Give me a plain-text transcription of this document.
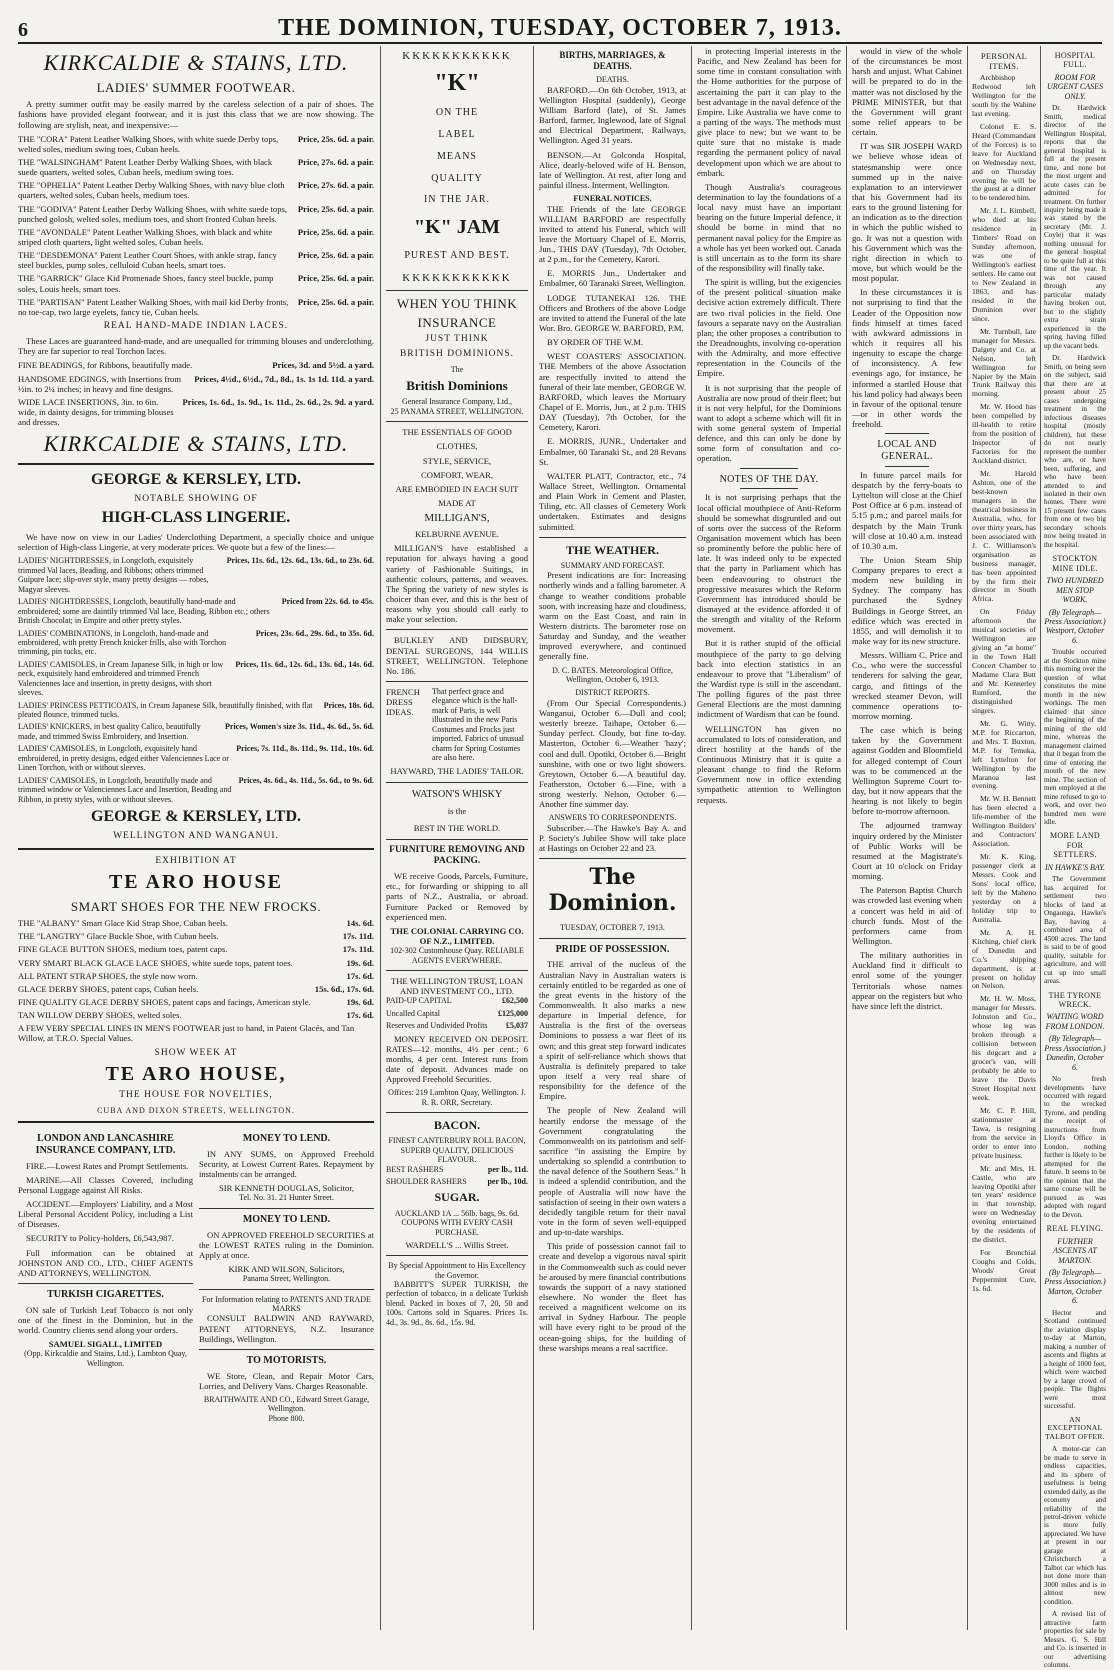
6	THE DOMINION, TUESDAY, OCTOBER 7, 1913.
KIRKCALDIE & STAINS, LTD.
LADIES' SUMMER FOOTWEAR.

A pretty summer outfit may be easily marred by the careless selection of a pair of shoes. The fashions have provided elegant footwear, and it is just this class that we are now showing. The following are stylish, neat, and inexpensive:—

THE "CORA" Patent Leather Walking Shoes, with white suede Derby tops, welted soles, medium swing toes, Cuban heels.
Price, 25s. 6d. a pair.
THE "WALSINGHAM" Patent Leather Derby Walking Shoes, with black suede quarters, welted soles, Cuban heels, medium swing toes.
Price, 27s. 6d. a pair.
THE "OPHELIA" Patent Leather Derby Walking Shoes, with navy blue cloth quarters, welted soles, Cuban heels, medium toes.
Price, 27s. 6d. a pair.
THE "GODIVA" Patent Leather Derby Walking Shoes, with white suede tops, punched golosh, welted soles, medium toes, and short fronted Cuban heels.
Price, 25s. 6d. a pair.
THE "AVONDALE" Patent Leather Walking Shoes, with black and white striped cloth quarters, light welted soles, Cuban heels.
Price, 25s. 6d. a pair.
THE "DESDEMONA" Patent Leather Court Shoes, with ankle strap, fancy steel buckles, pump soles, celluloid Cuban heels, smart toes.
Price, 25s. 6d. a pair.
THE "GARRICK" Glace Kid Promenade Shoes, fancy steel buckle, pump soles, Louis heels, smart toes.
Price, 25s. 6d. a pair.
THE "PARTISAN" Patent Leather Walking Shoes, with mail kid Derby fronts, no toe-cap, two large eyelets, fancy tie, Cuban heels.
Price, 25s. 6d. a pair.
REAL HAND-MADE INDIAN LACES.

These Laces are guaranteed hand-made, and are unequalled for trimming blouses and underclothing. They are far superior to real Torchon laces.

FINE BEADINGS, for Ribbons, beautifully made.	Prices, 3d. and 5½d. a yard.
HANDSOME EDGINGS, with Insertions from ½in. to 2¼ inches; in heavy and fine designs.
Prices, 4½d., 6½d., 7d., 8d., 1s. 1s 1d. 11d. a yard.
WIDE LACE INSERTIONS, 3in. to 6in. wide, in dainty designs, for trimming blouses and dresses.
Prices, 1s. 6d., 1s. 9d., 1s. 11d., 2s. 6d., 2s. 9d. a yard.
KIRKCALDIE & STAINS, LTD.
GEORGE & KERSLEY, LTD.
NOTABLE SHOWING OF
HIGH-CLASS LINGERIE.

We have now on view in our Ladies' Underclothing Department, a specially choice and unique selection of High-class Lingerie, at very moderate prices. We quote but a few of the lines:—

LADIES' NIGHTDRESSES, in Longcloth, exquisitely trimmed Val laces, Beading, and Ribbons; others trimmed Guipure lace; slip-over style, many pretty designs — robes, Magyar sleeves.
Prices, 11s. 6d., 12s. 6d., 13s. 6d., to 23s. 6d.
LADIES' NIGHTDRESSES, Longcloth, beautifully hand-made and embroidered; some are daintily trimmed Val lace, Beading, Ribbon etc.; others British Chocolat; in Empire and other pretty styles.
Priced from 22s. 6d. to 45s.
LADIES' COMBINATIONS, in Longcloth, hand-made and embroidered, with pretty French knicker frills, also with Torchon trimming, pin tucks, etc.
Prices, 23s. 6d., 29s. 6d., to 35s. 6d.
LADIES' CAMISOLES, in Cream Japanese Silk, in high or low neck, exquisitely hand embroidered and trimmed French Valenciennes lace and insertion, in pretty designs, with short sleeves.
Prices, 11s. 6d., 12s. 6d., 13s. 6d., 14s. 6d.
LADIES' PRINCESS PETTICOATS, in Cream Japanese Silk, beautifully finished, with flat pleated flounce, trimmed tucks.
Prices, 18s. 6d.
LADIES' KNICKERS, in best quality Calico, beautifully made, and trimmed Swiss Embroidery, and Insertion.
Prices, Women's size 3s. 11d., 4s. 6d., 5s. 6d.
LADIES' CAMISOLES, in Longcloth, exquisitely hand embroidered, in pretty designs, edged either Valenciennes Lace or Linen Torchon, with or without sleeves.
Prices, 7s. 11d., 8s. 11d., 9s. 11d., 10s. 6d.
LADIES' CAMISOLES, in Longcloth, beautifully made and trimmed window or Valenciennes Lace and Insertion, Beading and Ribbon, in pretty styles, with or without sleeves.
Prices, 4s. 6d., 4s. 11d., 5s. 6d., to 9s. 6d.
GEORGE & KERSLEY, LTD.
WELLINGTON AND WANGANUI.
EXHIBITION AT
TE ARO HOUSE
SMART SHOES FOR THE NEW FROCKS.
THE "ALBANY" Smart Glace Kid Strap Shoe, Cuban heels.	14s. 6d.
THE "LANGTRY" Glace Buckle Shoe, with Cuban heels.	17s. 11d.
FINE GLACE BUTTON SHOES, medium toes, patent caps.	17s. 11d.
VERY SMART BLACK GLACE LACE SHOES, white suede tops, patent toes.	19s. 6d.
ALL PATENT STRAP SHOES, the style now worn.	17s. 6d.
GLACE DERBY SHOES, patent caps, Cuban heels.	15s. 6d., 17s. 6d.
FINE QUALITY GLACE DERBY SHOES, patent caps and facings, American style.	19s. 6d.
TAN WILLOW DERBY SHOES, welted soles.	17s. 6d.
A FEW VERY SPECIAL LINES IN MEN'S FOOTWEAR just to hand, in Patent Glacés, and Tan Willow, at T.R.O. Special Values.
SHOW WEEK AT
TE ARO HOUSE,
THE HOUSE FOR NOVELTIES,
CUBA AND DIXON STREETS, WELLINGTON.
LONDON AND LANCASHIRE INSURANCE COMPANY, LTD.

FIRE.—Lowest Rates and Prompt Settlements.

MARINE.—All Classes Covered, including Personal Luggage against All Risks.

ACCIDENT.—Employers' Liability, and a Most Liberal Personal Accident Policy, including a List of Diseases.

SECURITY to Policy-holders, £6,543,987.

Full information can be obtained at JOHNSTON AND CO., LTD., CHIEF AGENTS AND ATTORNEYS, WELLINGTON.

TURKISH CIGARETTES.

ON sale of Turkish Leaf Tobacco is not only one of the finest in the Dominion, but in the world. Country clients send along your orders.

SAMUEL SIGALL, LIMITED
(Opp. Kirkcaldie and Stains, Ltd.), Lambton Quay, Wellington.
MONEY TO LEND.

IN ANY SUMS, on Approved Freehold Security, at Lowest Current Rates. Repayment by instalments can be arranged.

SIR KENNETH DOUGLAS, Solicitor,
Tel. No. 31. 21 Hunter Street.
MONEY TO LEND.

ON APPROVED FREEHOLD SECURITIES at the LOWEST RATES ruling in the Dominion. Apply at once.

KIRK AND WILSON, Solicitors,
Panama Street, Wellington.
For Information relating to PATENTS AND TRADE MARKS

CONSULT BALDWIN AND RAYWARD, PATENT ATTORNEYS, N.Z. Insurance Buildings, Wellington.

TO MOTORISTS.

WE Store, Clean, and Repair Motor Cars, Lorries, and Delivery Vans. Charges Reasonable.

BRAITHWAITE AND CO., Edward Street Garage, Wellington.
Phone 800.
KKKKKKKKKKK
"K"
ON THE
LABEL
MEANS
QUALITY
IN THE JAR.
"K" JAM
PUREST AND BEST.
KKKKKKKKKKK
WHEN YOU THINK
INSURANCE
JUST THINK
BRITISH DOMINIONS.
The
British Dominions
General Insurance Company, Ltd.,
25 PANAMA STREET, WELLINGTON.
THE ESSENTIALS OF GOOD
CLOTHES,
STYLE, SERVICE,
COMFORT, WEAR,
ARE EMBODIED IN EACH SUIT
MADE AT
MILLIGAN'S,
KELBURNE AVENUE.

MILLIGAN'S have established a reputation for always having a good variety of Fashionable Suitings, in authentic colours, patterns, and weaves. The Spring the variety of new styles is choicer than ever, and this is the best of reasons why you should call early to make your selection.

BULKLEY AND DIDSBURY, DENTAL SURGEONS, 144 WILLIS STREET, WELLINGTON. Telephone No. 186.

FRENCH
DRESS
IDEAS.
That perfect grace and elegance which is the hall-mark of Paris, is well illustrated in the new Paris Costumes and Frocks just imported. Fabrics of unusual charm for Spring Costumes are also here.
HAYWARD, THE LADIES' TAILOR.
WATSON'S WHISKY
is the
BEST IN THE WORLD.
FURNITURE REMOVING AND PACKING.

WE receive Goods, Parcels, Furniture, etc., for forwarding or shipping to all parts of N.Z., Australia, or abroad. Furniture Packed or Removed by experienced men.

THE COLONIAL CARRYING CO. OF N.Z., LIMITED.
102-302 Customhouse Quay. RELIABLE AGENTS EVERYWHERE.
THE WELLINGTON TRUST, LOAN AND INVESTMENT CO., LTD.
PAID-UP CAPITAL	£62,500
Uncalled Capital	£125,000
Reserves and Undivided Profits	£5,037

MONEY RECEIVED ON DEPOSIT. RATES—12 months, 4½ per cent.; 6 months, 4 per cent. Interest runs from date of deposit. Advances made on Approved Freehold Securities.

Offices: 219 Lambton Quay, Wellington. J. R. R. ORR, Secretary.
BACON.
FINEST CANTERBURY ROLL BACON, SUPERB QUALITY, DELICIOUS FLAVOUR.
BEST RASHERS	per lb., 11d.
SHOULDER RASHERS	per lb., 10d.
SUGAR.
AUCKLAND 1A ... 56lb. bags, 9s. 6d. COUPONS WITH EVERY CASH PURCHASE.
WARDELL'S ... Willis Street.
By Special Appointment to His Excellency the Governor.

BABBITT'S SUPER TURKISH, the perfection of tobacco, in a delicate Turkish blend. Packed in boxes of 7, 20, 50 and 100s. Cartons sold in Squares. Prices 1s. 4d., 3s. 9d., 8s. 6d., 15s. 9d.

BIRTHS, MARRIAGES, & DEATHS.
DEATHS.

BARFORD.—On 6th October, 1913, at Wellington Hospital (suddenly), George William Barford (late), of St. James Barford, farmer, Inglewood, late of Signal and Electrical Department, Railways, Wellington. Aged 31 years.

BENSON.—At Golconda Hospital, Alice, dearly-beloved wife of H. Benson, late of Wellington. At rest, after long and painful illness. Interment, Wellington.

FUNERAL NOTICES.

THE Friends of the late GEORGE WILLIAM BARFORD are respectfully invited to attend his Funeral, which will leave the Mortuary Chapel of E. Morris, Jun., THIS DAY (Tuesday), 7th October, at 2 p.m., for the Cemetery, Karori.

E. MORRIS Jun., Undertaker and Embalmer, 60 Taranaki Street, Wellington.

LODGE TUTANEKAI 126. THE Officers and Brothers of the above Lodge are invited to attend the Funeral of the late Wor. Bro. GEORGE W. BARFORD, P.M.

BY ORDER OF THE W.M.

WEST COASTERS' ASSOCIATION. THE Members of the above Association are respectfully invited to attend the funeral of their late member, GEORGE W. BARFORD, which leaves the Mortuary Chapel of E. Morris, Jun., at 2 p.m. THIS DAY (Tuesday), 7th October, for the Cemetery, Karori.

E. MORRIS, JUNR., Undertaker and Embalmer, 60 Taranaki St., and 28 Revans St.

WALTER PLATT, Contractor, etc., 74 Wallace Street, Wellington. Ornamental and Plain Work in Cement and Plaster, Tiling, etc. All classes of Cemetery Work undertaken. Estimates and designs submitted.

THE WEATHER.
SUMMARY AND FORECAST.

Present indications are for: Increasing northerly winds and a falling barometer. A change to weather conditions probable soon, with increasing haze and cloudiness, warm on the East Coast, and rain in Western districts. The barometer rose on Saturday and Sunday, and the weather improved everywhere, and continued generally fine.

D. C. BATES. Meteorological Office, Wellington, October 6, 1913.
DISTRICT REPORTS.

(From Our Special Correspondents.) Wanganui, October 6.—Dull and cool; westerly breeze. Taihape, October 6.—Sunday perfect. Cloudy, but fine to-day. Masterton, October 6.—Weather 'hazy'; cool and dull. Opotiki, October 6.—Bright sunshine, with one or two light showers. Greytown, October 6.—A beautiful day. Featherston, October 6.—Fine, with a strong westerly. Nelson, October 6.—Another fine summer day.

ANSWERS TO CORRESPONDENTS.

Subscriber.—The Hawke's Bay A. and P. Society's Jubilee Show will take place at Hastings on October 22 and 23.

The Dominion.
TUESDAY, OCTOBER 7, 1913.
PRIDE OF POSSESSION.

THE arrival of the nucleus of the Australian Navy in Australian waters is certainly entitled to be regarded as one of the great events in the history of the Commonwealth. It also marks a new departure in Imperial defence, for Australia is the first of the overseas Dominions to possess a war fleet of its own; and this great step forward indicates a spirit of self-reliance which shows that Australia is definitely prepared to take upon itself a very real share of responsibility for the defence of the Empire.

The people of New Zealand will heartily endorse the message of the Government congratulating the Commonwealth on its patriotism and self-sacrifice "in assisting the Empire by undertaking so splendid a contribution to the naval defence of the Southern Seas." It is indeed a splendid contribution, and the people of Australia will now have the satisfaction of seeing in their own waters a decidedly tangible return for their naval vote in the form of seven well-equipped and up-to-date warships.

This pride of possession cannot fail to create and develop a vigorous naval spirit in the Commonwealth such as could never be aroused by mere financial contributions towards the support of a navy stationed elsewhere. No wonder the fleet has received a magnificent welcome on its arrival in Sydney Harbour. The people will have every right to be proud of the ocean-going ships, for the building of these warships means a real sacrifice.

in protecting Imperial interests in the Pacific, and New Zealand has been for some time in constant consultation with the Home authorities for the purpose of ascertaining the part it can play to the best advantage in the naval defence of the Empire. Like Australia we have come to a parting of the ways. The methods must give place to new; but we want to be quite sure that no mistake is made regarding the permanent policy of naval development upon which we are about to embark.

Though Australia's courageous determination to lay the foundations of a local navy must have an important bearing on the future Imperial defence, it should be borne in mind that no permanent naval policy for the Empire as a whole has yet been worked out. Canada is still uncertain as to the form its share of the responsibility will finally take.

The spirit is willing, but the exigencies of the present political situation make decisive action extremely difficult. There are two rival policies in the field. One favours a separate navy on the Australian plan; the other proposes a contribution to the Dreadnoughts, involving co-operation with the Admiralty, and more effective representation in the Councils of the Empire.

It is not surprising that the people of Australia are now proud of their fleet; but it is not very helpful, for the Dominions want to adopt a scheme which will fit in with some general system of Imperial defence, and this can only be done by some form of consultation and co-operation.

NOTES OF THE DAY.

It is not surprising perhaps that the local official mouthpiece of Anti-Reform should be somewhat disgruntled and out of sorts over the success of the Reform Organisation movement which has been so prominently before the public here of late. It was indeed only to be expected that the party in Parliament which has been endeavouring to obstruct the progressive measures which the Reform Government has introduced should be dismayed at the evidence afforded it of the strength and vitality of the Reform movement.

But it is rather stupid of the official mouthpiece of the party to go delving back into election statistics in an endeavour to prove that "Liberalism" of the Wardist type is still in the ascendant. The polling figures of the past three General Elections are the most damning indictment of Wardism that can be found.

WELLINGTON has given no accumulated to lots of consideration, and direct hostility at the hands of the Continuous Ministry that it is quite a pleasant change to find the Reform Government now in office extending sympathetic attention to Wellington requests.

would in view of the whole of the circumstances be most harsh and unjust. What Cabinet will be prepared to do in the matter was not disclosed by the PRIME MINISTER, but that the Government will grant some relief appears to be certain.

IT was SIR JOSEPH WARD we believe whose ideas of statesmanship were once summed up in the naive explanation to an interviewer that his Government had its ears to the ground listening for an indication as to the direction in which the public wished to go. It was not a question with his Government which was the right direction in which to move, but which would be the most popular.

In these circumstances it is not surprising to find that the Leader of the Opposition now finds himself at times faced with awkward admissions in which it requires all his ingenuity to escape the charge of inconsistency. A few evenings ago, for instance, he informed a startled House that his land policy had always been in favour of the optional tenure—or in other words the freehold.

LOCAL AND GENERAL.

In future parcel mails for despatch by the ferry-boats to Lyttelton will close at the Chief Post Office at 6 p.m. instead of 5.15 p.m.; and parcel mails for despatch by the Main Trunk will close at 10.40 a.m. instead of 10.30 a.m.

The Union Steam Ship Company prepares to erect a modern new building in Sydney. The company has purchased the Sydney Buildings in George Street, an edifice which was erected in 1855, and will demolish it to make way for its new structure.

Messrs. William C. Price and Co., who were the successful tenderers for salving the gear, cargo, and fittings of the wrecked steamer Devon, will commence operations to-morrow morning.

The case which is being taken by the Government against Godden and Bloomfield for alleged contempt of Court was to be commenced at the Wellington Supreme Court to-day, but it now appears that the hearing is not likely to begin before to-morrow afternoon.

The adjourned tramway inquiry ordered by the Minister of Public Works will be resumed at the Magistrate's Court at 10 o'clock on Friday morning.

The Paterson Baptist Church was crowded last evening when a concert was held in aid of church funds. Most of the performers came from Wellington.

The military authorities in Auckland find it difficult to enrol some of the younger Territorials whose names appear on the registers but who have since left the district.

PERSONAL ITEMS.

Archbishop Redwood left Wellington for the south by the Wahine last evening.

Colonel E. S. Heard (Commandant of the Forces) is to leave for Auckland on Wednesday next, and on Thursday evening he will be the guest at a dinner to be tendered him.

Mr. J. L. Kimbell, who died at his residence in Timbers' Road on Sunday afternoon, was one of Wellington's earliest settlers. He came out to New Zealand in 1863, and has resided in the Dominion ever since.

Mr. Turnbull, late manager for Messrs. Dalgety and Co. at Nelson, left Wellington for Napier by the Main Trunk Railway this morning.

Mr. W. Hood has been compelled by ill-health to retire from the position of Inspector of Factories for the Auckland district.

Mr. Harold Ashton, one of the best-known managers in the theatrical business in Australia, who, for over thirty years, has been associated with J. C. Williamson's organisation as business manager, has been appointed by the firm their director in South Africa.

On Friday afternoon the musical societies of Wellington are giving an "at home" in the Town Hall Concert Chamber to Madame Clara Butt and Mr. Kennerley Rumford, the distinguished singers.

Mr. G. Witty, M.P. for Riccarton, and Mrs. T. Buxton, M.P. for Temuka, left Lyttelton for Wellington by the Maranoa last evening.

Mr. W. H. Bennett has been elected a life-member of the Wellington Builders' and Contractors' Association.

Mr. K. King, passenger clerk at Messrs. Cook and Sons' local office, left by the Maheno yesterday on a holiday trip to Australia.

Mr. A. H. Kitching, chief clerk of Dunedin and Co.'s shipping department, is at present on holiday on Nelson.

Mr. H. W. Moss, manager for Messrs. Johnston and Co., whose leg was broken through a collision between his dogcart and a grocer's van, will probably be able to leave the Davis Street Hospital next week.

Mr. C. P. Hill, stationmaster at Tawa, is resigning from the service in order to enter into private business.

Mr. and Mrs. H. Castle, who are leaving Opotiki after ten years' residence in that township, were on Wednesday evening entertained by the residents of the district.

For Bronchial Coughs and Colds, Woods' Great Peppermint Cure, 1s. 6d.

HOSPITAL FULL.
ROOM FOR URGENT CASES ONLY.

Dr. Hardwick Smith, medical director of the Wellington Hospital, reports that the general hospital is full at the present time, and none but the most urgent and acute cases can be admitted for treatment. On further inquiry being made it was stated by the secretary (Mr. J. Coyle) that it was nothing unusual for the general hospital to be quite full at this time of the year. It was not caused through any particular malady having broken out, but to the slightly extra strain experienced in the spring having filled up the vacant beds.

Dr. Hardwick Smith, on being seen on the subject, said that there are at present about 25 cases undergoing treatment in the infectious diseases hospital (mostly children), but these do not nearly represent the number who are, or have been, suffering, and who have been attended to and isolated in their own homes. There were 15 present few cases from one or two big secondary schools now being treated in the hospital.

STOCKTON MINE IDLE.
TWO HUNDRED MEN STOP WORK.
(By Telegraph—Press Association.) Westport, October 6.

Trouble occurred at the Stockton mine this morning over the question of what constitutes the mine month in the new workings. The men claimed that since the beginning of the mining of the old mine, whereas the management claimed that it began from the time of entering the mouth of the new mine. The section of men employed at the mine refused to go to work, and over two hundred men were idle.

MORE LAND FOR SETTLERS.
IN HAWKE'S BAY.

The Government has acquired for settlement two blocks of land at Ongaonga, Hawke's Bay, having a combined area of 4500 acres. The land is said to be of good quality, suitable for agriculture, and will cut up into small areas.

THE TYRONE WRECK.
WAITING WORD FROM LONDON.
(By Telegraph—Press Association.) Dunedin, October 6.

No fresh developments have occurred with regard to the wrecked Tyrone, and pending the receipt of instructions from Lloyd's Office in London, nothing further is likely to be attempted for the future. It seems to be the opinion that the same course will be pursued as was adopted with regard to the Devon.

REAL FLYING.
FURTHER ASCENTS AT MARTON.
(By Telegraph—Press Association.) Marton, October 6.

Hector and Scotland continued the aviation display to-day at Marton, making a number of ascents and flights at a height of 1000 feet, which were watched by a large crowd of people. The flights were most successful.

AN EXCEPTIONAL TALBOT OFFER.

A motor-car can be made to serve in endless capacities, and its sphere of usefulness is being extended daily, as the economy and reliability of the petrol-driven vehicle is more fully appreciated. We have at present in our garage at Christchurch a Talbot car which has not done more than 3000 miles and is in almost new condition.

A revised list of attractive farm properties for sale by Messrs. G. S. Hill and Co. is inserted in our advertising columns.
